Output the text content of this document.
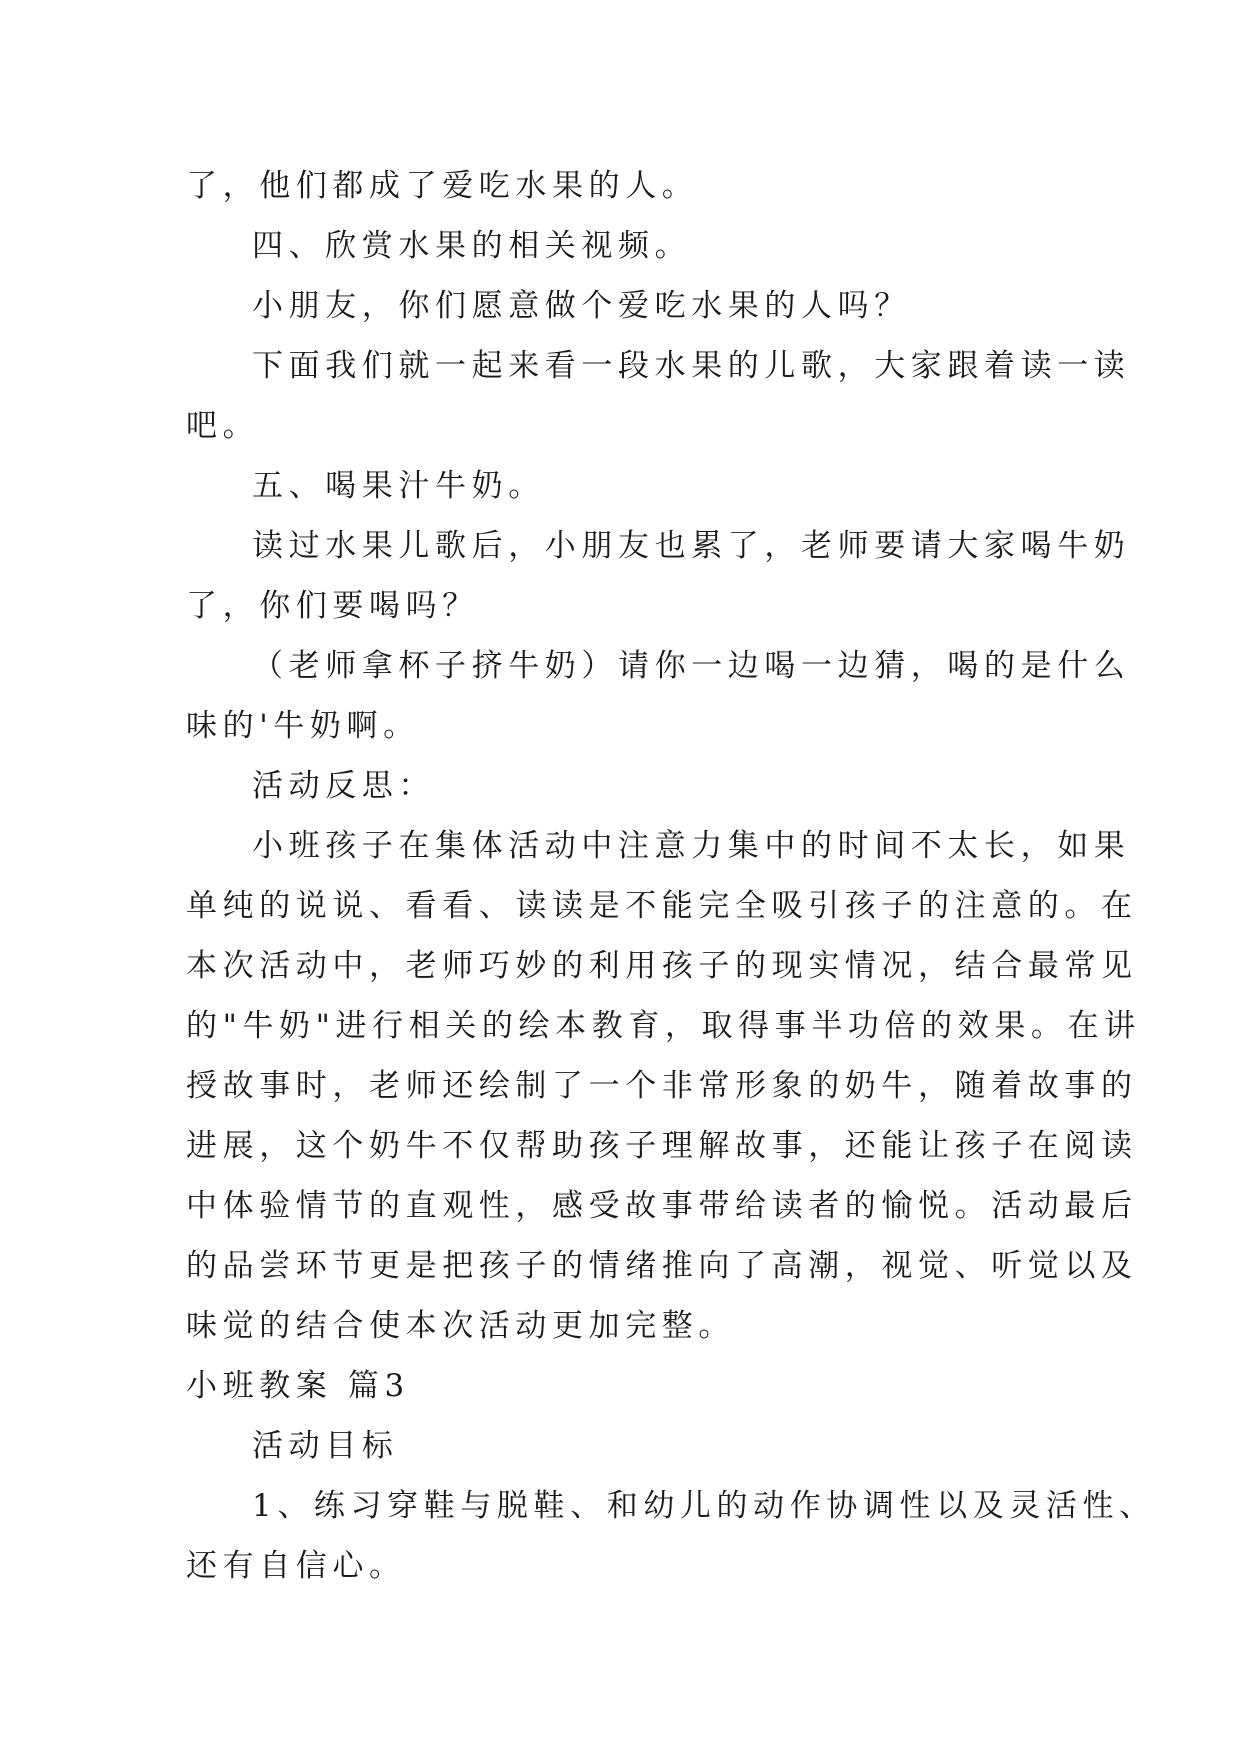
了，他们都成了爱吃水果的人。
四、欣赏水果的相关视频。
小朋友，你们愿意做个爱吃水果的人吗？
下面我们就一起来看一段水果的儿歌，大家跟着读一读
吧。
五、喝果汁牛奶。
读过水果儿歌后，小朋友也累了，老师要请大家喝牛奶
了，你们要喝吗？
（老师拿杯子挤牛奶）请你一边喝一边猜，喝的是什么
味的'牛奶啊。
活动反思：
小班孩子在集体活动中注意力集中的时间不太长，如果
单纯的说说、看看、读读是不能完全吸引孩子的注意的。在
本次活动中，老师巧妙的利用孩子的现实情况，结合最常见
的"牛奶"进行相关的绘本教育，取得事半功倍的效果。在讲
授故事时，老师还绘制了一个非常形象的奶牛，随着故事的
进展，这个奶牛不仅帮助孩子理解故事，还能让孩子在阅读
中体验情节的直观性，感受故事带给读者的愉悦。活动最后
的品尝环节更是把孩子的情绪推向了高潮，视觉、听觉以及
味觉的结合使本次活动更加完整。
小班教案 篇3
活动目标
1、练习穿鞋与脱鞋、和幼儿的动作协调性以及灵活性、
还有自信心。
